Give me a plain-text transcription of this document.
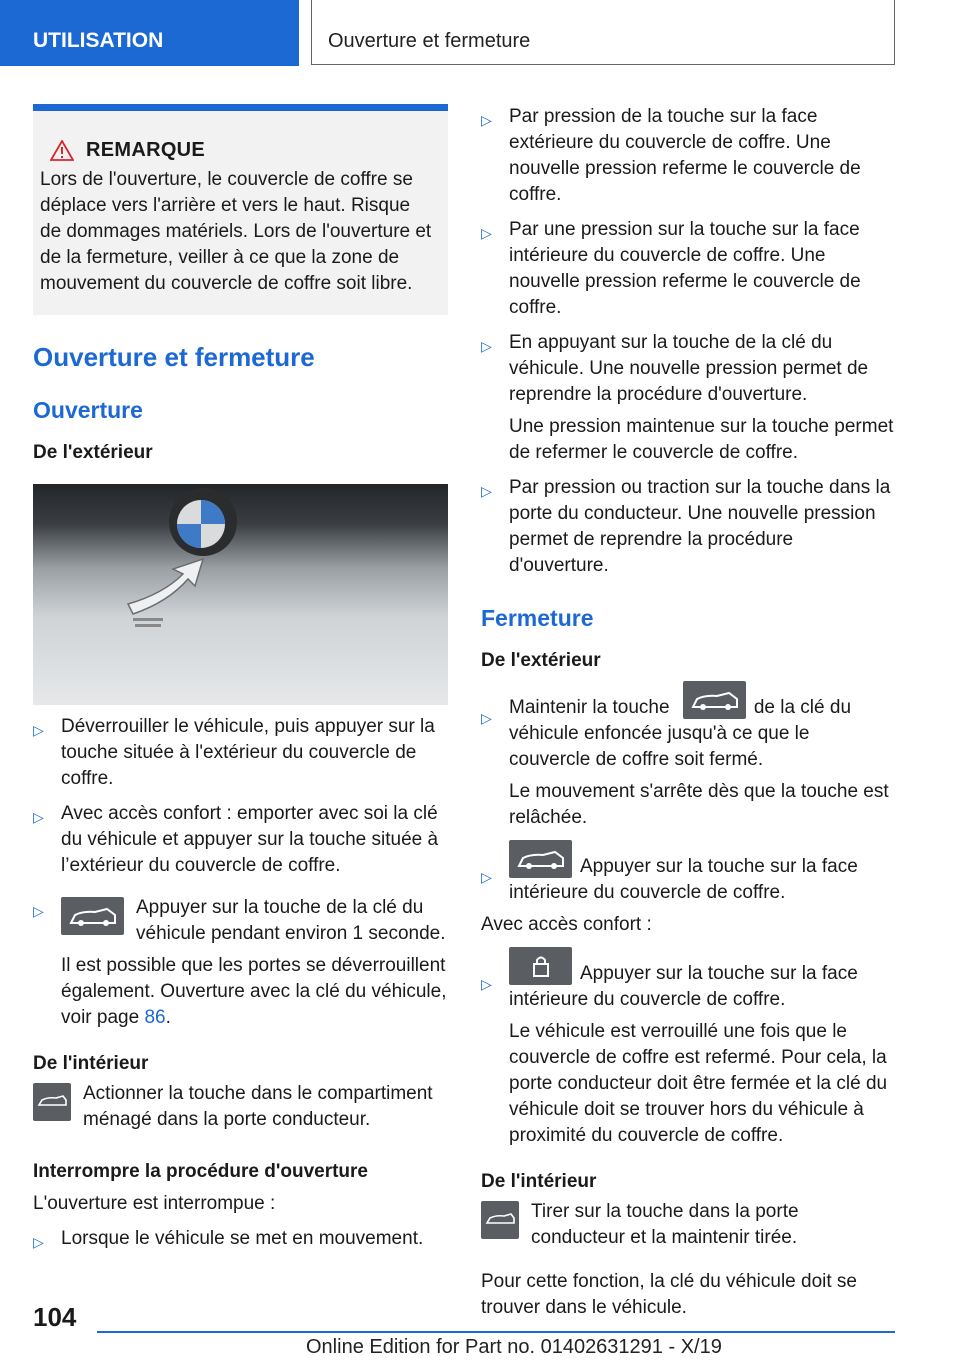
UTILISATION	Ouverture et fermeture
REMARQUE
Lors de l'ouverture, le couvercle de coffre se déplace vers l'arrière et vers le haut. Risque de dommages matériels. Lors de l'ouverture et de la fermeture, veiller à ce que la zone de mouvement du couvercle de coffre soit libre.
Ouverture et fermeture
Ouverture
De l'extérieur
▷ Déverrouiller le véhicule, puis appuyer sur la touche située à l'extérieur du couvercle de coffre.
▷ Avec accès confort : emporter avec soi la clé du véhicule et appuyer sur la touche située à l’extérieur du couvercle de coffre.
▷	Appuyer sur la touche de la clé du véhicule pendant environ 1 seconde.
Il est possible que les portes se déverrouillent également. Ouverture avec la clé du véhicule, voir page 86.
De l'intérieur
Actionner la touche dans le compartiment ménagé dans la porte conducteur.
Interrompre la procédure d'ouverture
L'ouverture est interrompue :
▷ Lorsque le véhicule se met en mouvement.
▷ Par pression de la touche sur la face extérieure du couvercle de coffre. Une nouvelle pression referme le couvercle de coffre.
▷ Par une pression sur la touche sur la face intérieure du couvercle de coffre. Une nouvelle pression referme le couvercle de coffre.
▷ En appuyant sur la touche de la clé du véhicule. Une nouvelle pression permet de reprendre la procédure d'ouverture.
Une pression maintenue sur la touche permet de refermer le couvercle de coffre.
▷ Par pression ou traction sur la touche dans la porte du conducteur. Une nouvelle pression permet de reprendre la procédure d'ouverture.
Fermeture
De l'extérieur
▷ Maintenir la touche	de la clé du véhicule enfoncée jusqu'à ce que le couvercle de coffre soit fermé.
Le mouvement s'arrête dès que la touche est relâchée.
▷	Appuyer sur la touche sur la face intérieure du couvercle de coffre.
Avec accès confort :
▷	Appuyer sur la touche sur la face intérieure du couvercle de coffre.
Le véhicule est verrouillé une fois que le couvercle de coffre est refermé. Pour cela, la porte conducteur doit être fermée et la clé du véhicule doit se trouver hors du véhicule à proximité du couvercle de coffre.
De l'intérieur
Tirer sur la touche dans la porte conducteur et la maintenir tirée.
Pour cette fonction, la clé du véhicule doit se trouver dans le véhicule.
104
Online Edition for Part no. 01402631291 - X/19
